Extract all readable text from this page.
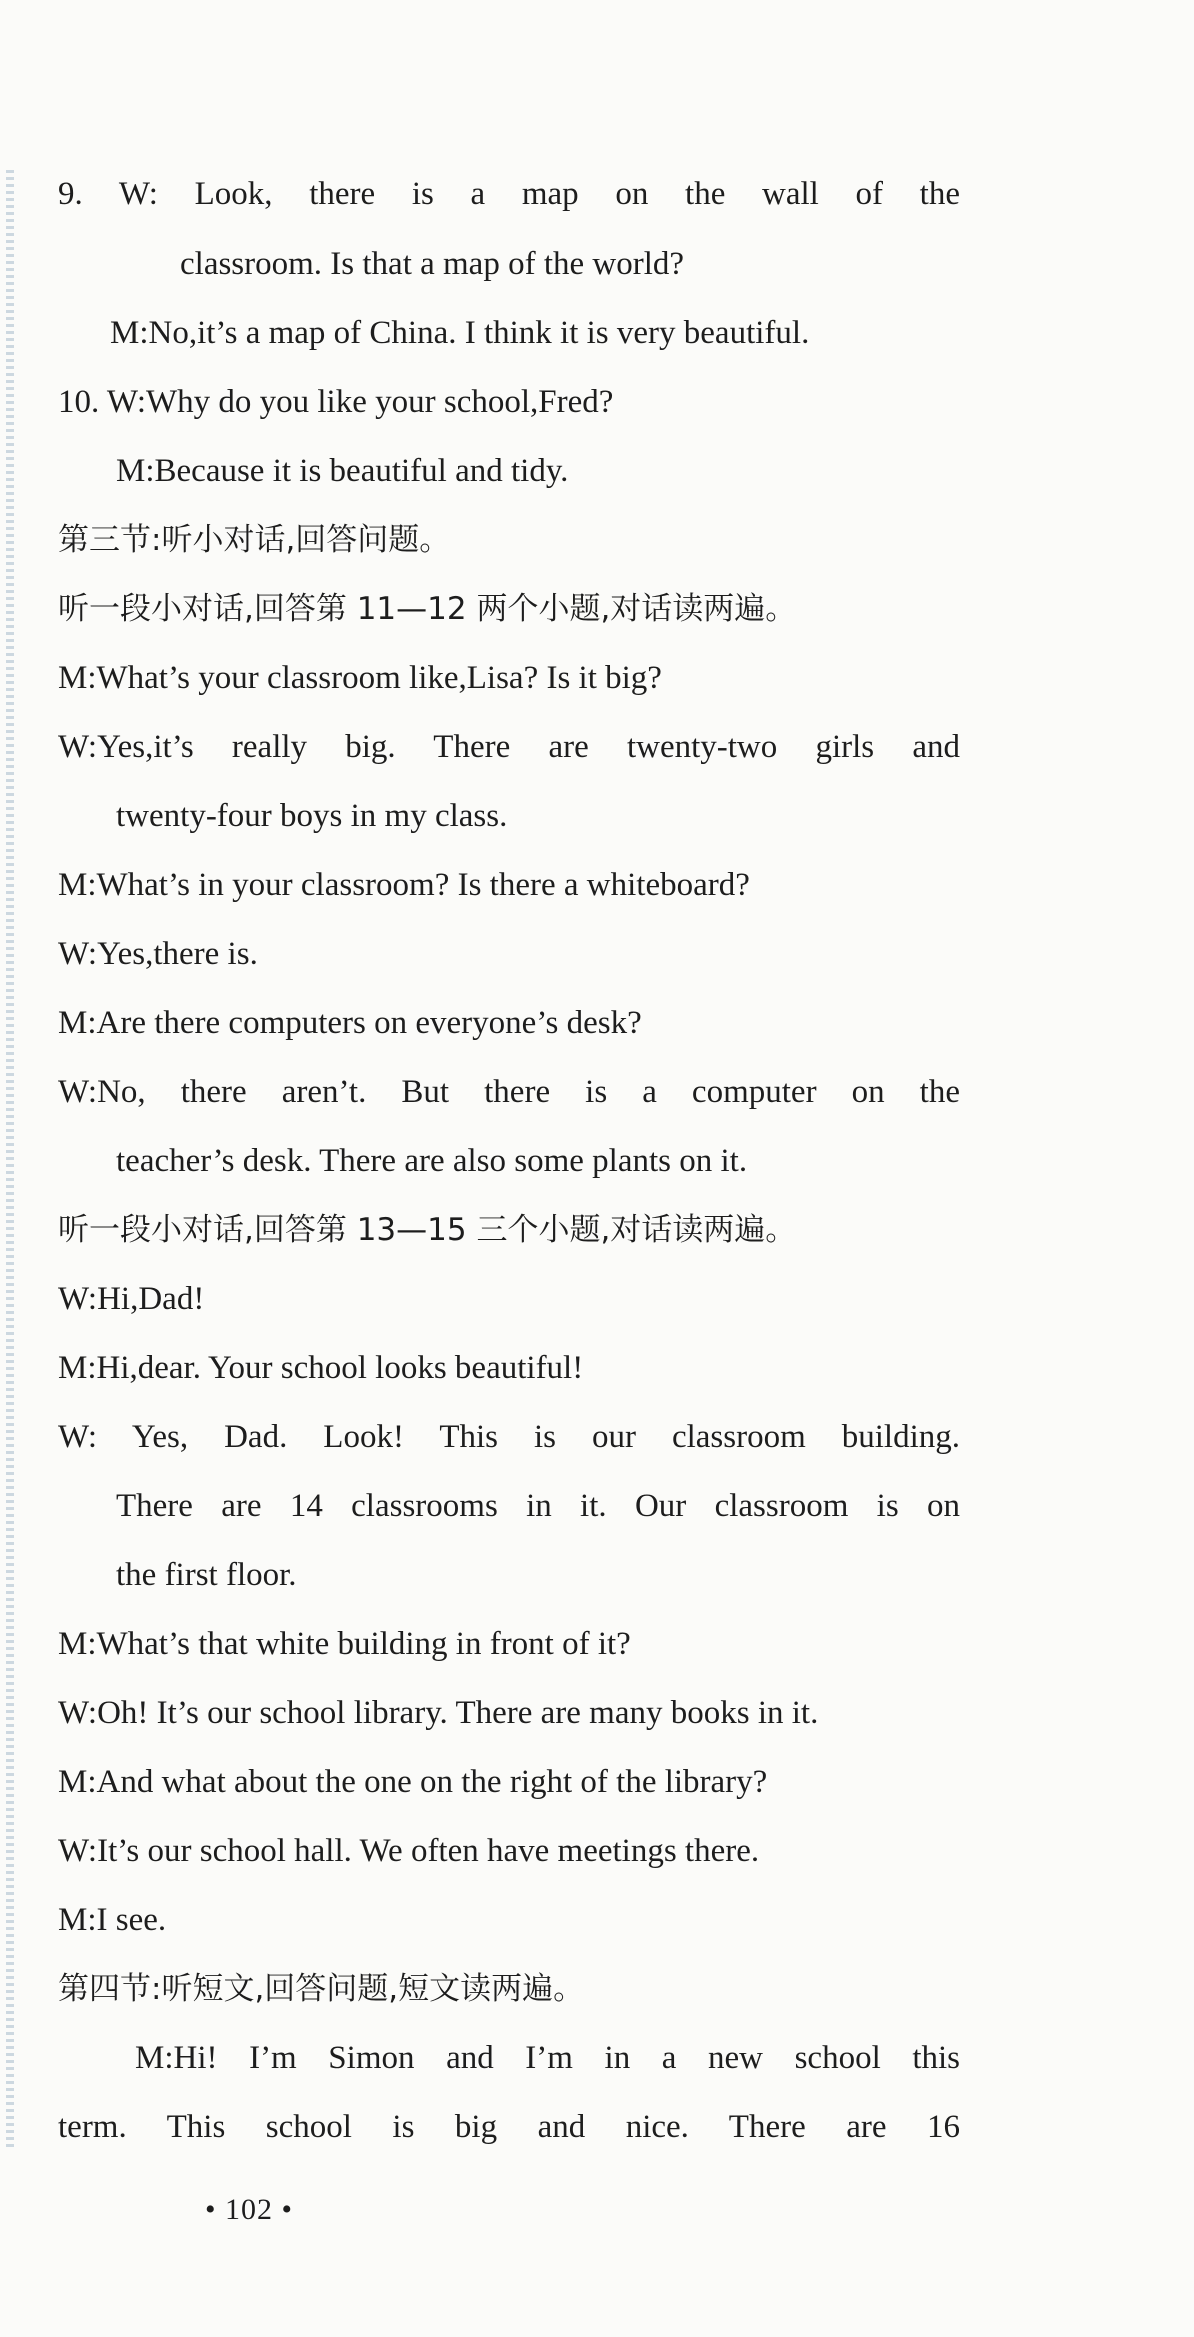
9. W: Look, there is a map on the wall of the
classroom. Is that a map of the world?
M:No,it’s a map of China. I think it is very beautiful.
10. W:Why do you like your school,Fred?
M:Because it is beautiful and tidy.
第三节:听小对话,回答问题。
听一段小对话,回答第 11—12 两个小题,对话读两遍。
M:What’s your classroom like,Lisa? Is it big?
W:Yes,it’s really big. There are twenty-two girls and
twenty-four boys in my class.
M:What’s in your classroom? Is there a whiteboard?
W:Yes,there is.
M:Are there computers on everyone’s desk?
W:No, there aren’t. But there is a computer on the
teacher’s desk. There are also some plants on it.
听一段小对话,回答第 13—15 三个小题,对话读两遍。
W:Hi,Dad!
M:Hi,dear. Your school looks beautiful!
W: Yes, Dad. Look! This is our classroom building.
There are 14 classrooms in it. Our classroom is on
the first floor.
M:What’s that white building in front of it?
W:Oh! It’s our school library. There are many books in it.
M:And what about the one on the right of the library?
W:It’s our school hall. We often have meetings there.
M:I see.
第四节:听短文,回答问题,短文读两遍。
M:Hi! I’m Simon and I’m in a new school this
term. This school is big and nice. There are 16
• 102 •
